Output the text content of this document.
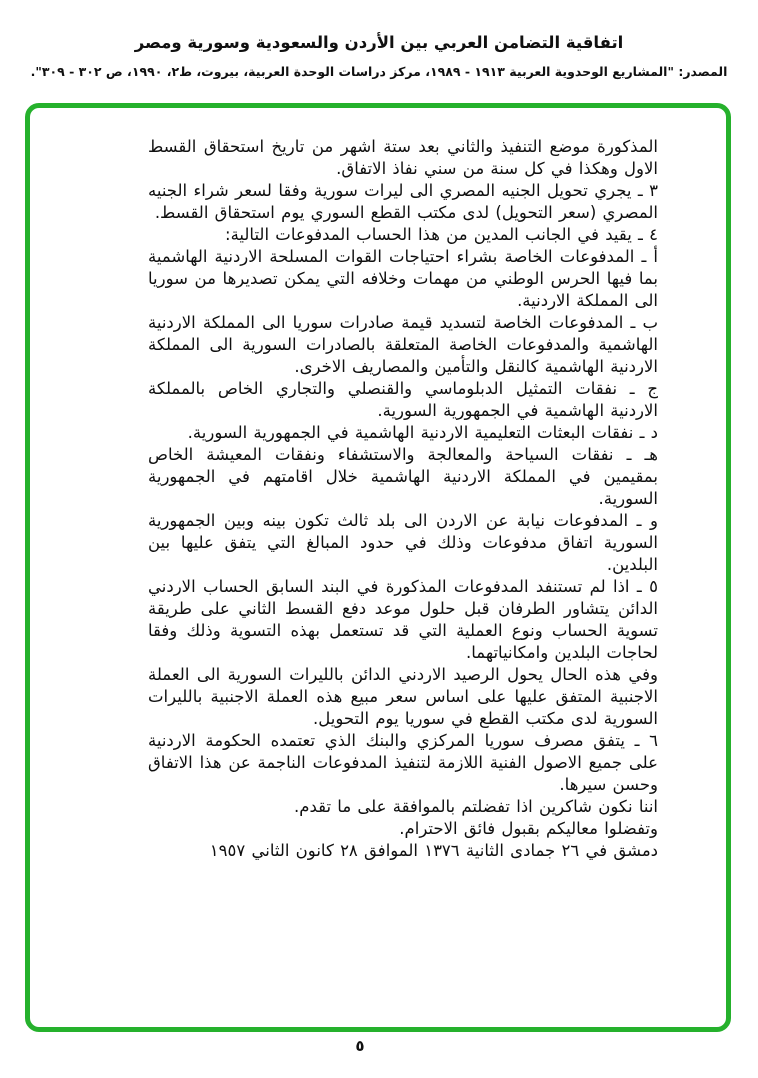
اتفاقية التضامن العربي بين الأردن والسعودية وسورية ومصر
المصدر: "المشاريع الوحدوية العربية ١٩١٣ - ١٩٨٩، مركز دراسات الوحدة العربية، بيروت، ط٢، ١٩٩٠، ص ٣٠٢ - ٣٠٩".

المذكورة موضع التنفيذ والثاني بعد ستة اشهر من تاريخ استحقاق القسط الاول وهكذا في كل سنة من سني نفاذ الاتفاق.

٣ ـ يجري تحويل الجنيه المصري الى ليرات سورية وفقا لسعر شراء الجنيه المصري (سعر التحويل) لدى مكتب القطع السوري يوم استحقاق القسط.

٤ ـ يقيد في الجانب المدين من هذا الحساب المدفوعات التالية:

أ ـ المدفوعات الخاصة بشراء احتياجات القوات المسلحة الاردنية الهاشمية بما فيها الحرس الوطني من مهمات وخلافه التي يمكن تصديرها من سوريا الى المملكة الاردنية.

ب ـ المدفوعات الخاصة لتسديد قيمة صادرات سوريا الى المملكة الاردنية الهاشمية والمدفوعات الخاصة المتعلقة بالصادرات السورية الى المملكة الاردنية الهاشمية كالنقل والتأمين والمصاريف الاخرى.

ج ـ نفقات التمثيل الدبلوماسي والقنصلي والتجاري الخاص بالمملكة الاردنية الهاشمية في الجمهورية السورية.

د ـ نفقات البعثات التعليمية الاردنية الهاشمية في الجمهورية السورية.

هـ ـ نفقات السياحة والمعالجة والاستشفاء ونفقات المعيشة الخاص بمقيمين في المملكة الاردنية الهاشمية خلال اقامتهم في الجمهورية السورية.

و ـ المدفوعات نيابة عن الاردن الى بلد ثالث تكون بينه وبين الجمهورية السورية اتفاق مدفوعات وذلك في حدود المبالغ التي يتفق عليها بين البلدين.

٥ ـ اذا لم تستنفد المدفوعات المذكورة في البند السابق الحساب الاردني الدائن يتشاور الطرفان قبل حلول موعد دفع القسط الثاني على طريقة تسوية الحساب ونوع العملية التي قد تستعمل بهذه التسوية وذلك وفقا لحاجات البلدين وامكانياتهما.

وفي هذه الحال يحول الرصيد الاردني الدائن بالليرات السورية الى العملة الاجنبية المتفق عليها على اساس سعر مبيع هذه العملة الاجنبية بالليرات السورية لدى مكتب القطع في سوريا يوم التحويل.

٦ ـ يتفق مصرف سوريا المركزي والبنك الذي تعتمده الحكومة الاردنية على جميع الاصول الفنية اللازمة لتنفيذ المدفوعات الناجمة عن هذا الاتفاق وحسن سيرها.

اننا نكون شاكرين اذا تفضلتم بالموافقة على ما تقدم.

وتفضلوا معاليكم بقبول فائق الاحترام.

دمشق في ٢٦ جمادى الثانية ١٣٧٦ الموافق ٢٨ كانون الثاني ١٩٥٧

٥
